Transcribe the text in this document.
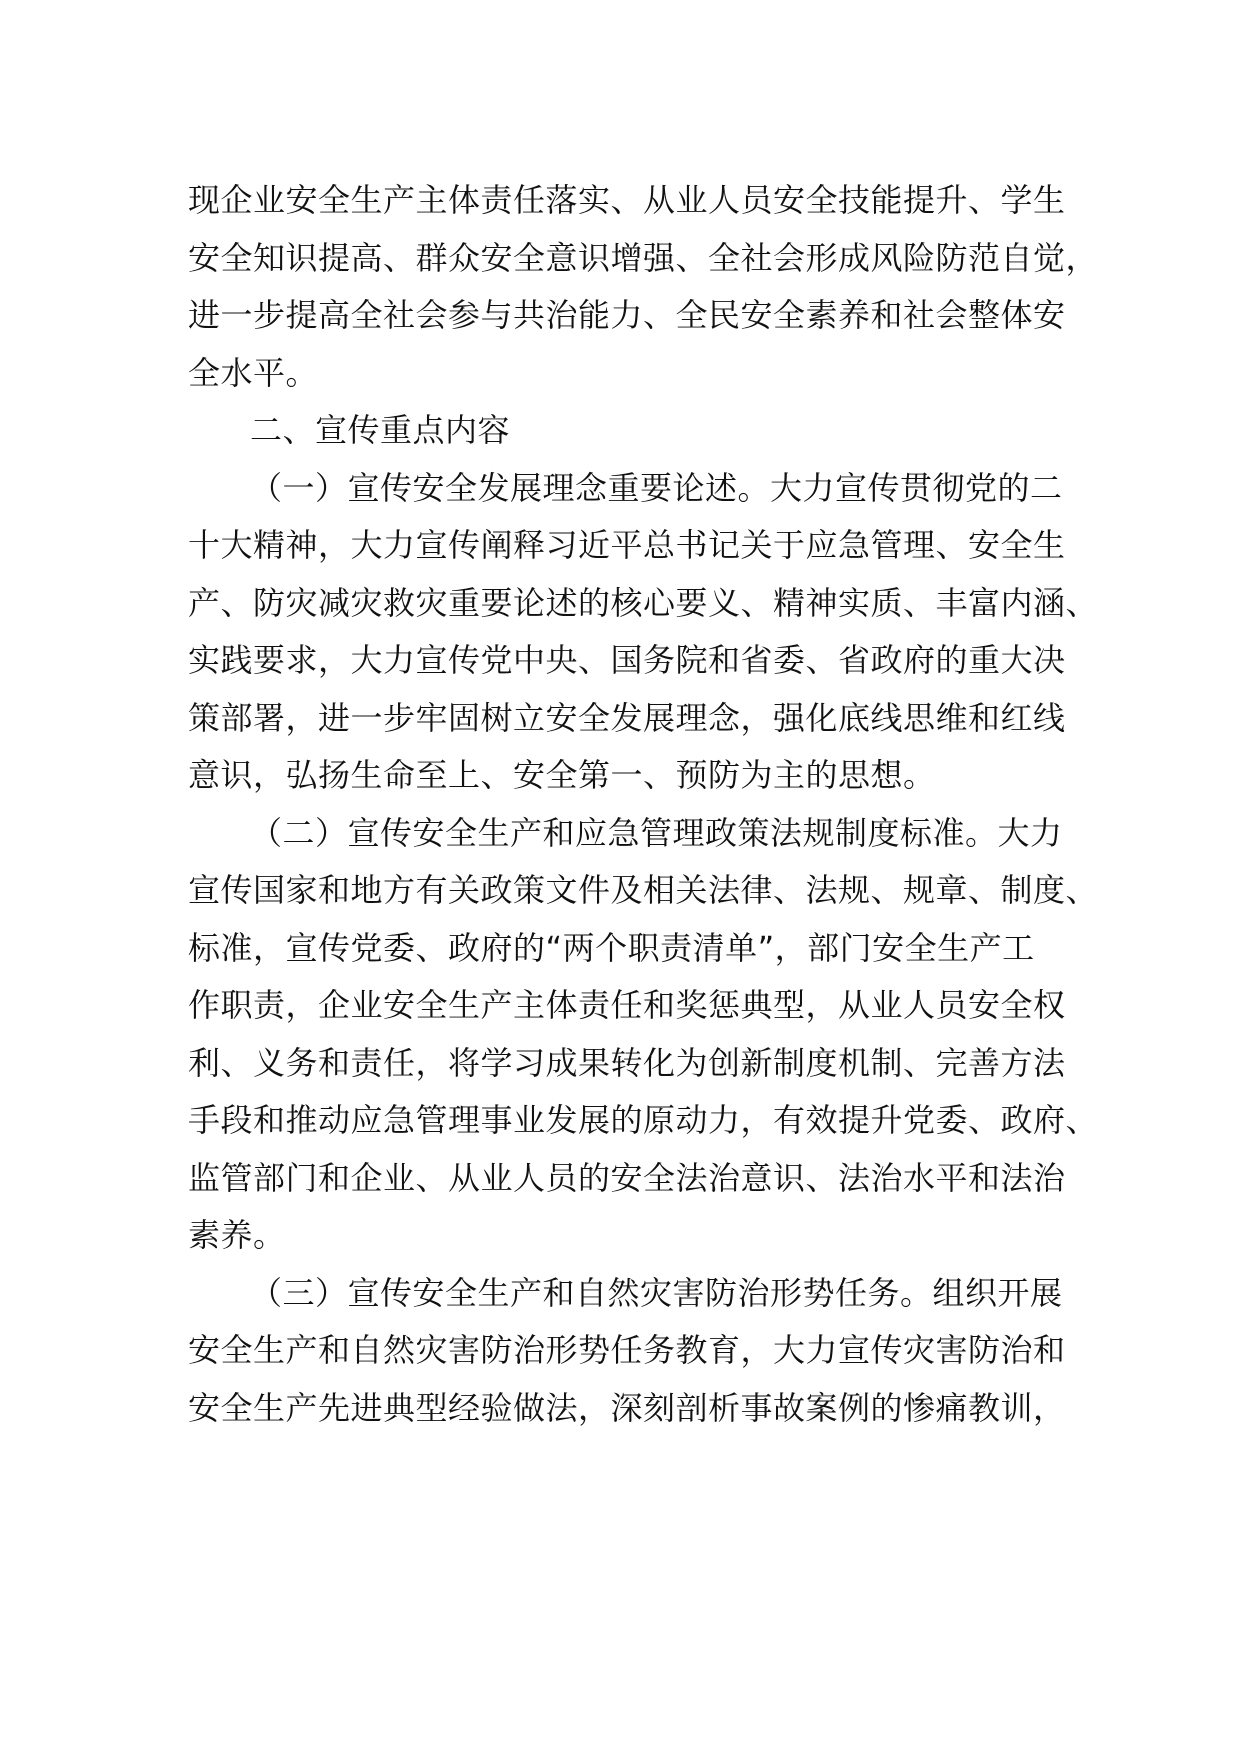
现企业安全生产主体责任落实、从业人员安全技能提升、学生
安全知识提高、群众安全意识增强、全社会形成风险防范自觉，
进一步提高全社会参与共治能力、全民安全素养和社会整体安
全水平。
二、宣传重点内容
（一）宣传安全发展理念重要论述。大力宣传贯彻党的二
十大精神，大力宣传阐释习近平总书记关于应急管理、安全生
产、防灾减灾救灾重要论述的核心要义、精神实质、丰富内涵、
实践要求，大力宣传党中央、国务院和省委、省政府的重大决
策部署，进一步牢固树立安全发展理念，强化底线思维和红线
意识，弘扬生命至上、安全第一、预防为主的思想。
（二）宣传安全生产和应急管理政策法规制度标准。大力
宣传国家和地方有关政策文件及相关法律、法规、规章、制度、
标准，宣传党委、政府的“两个职责清单”，部门安全生产工
作职责，企业安全生产主体责任和奖惩典型，从业人员安全权
利、义务和责任，将学习成果转化为创新制度机制、完善方法
手段和推动应急管理事业发展的原动力，有效提升党委、政府、
监管部门和企业、从业人员的安全法治意识、法治水平和法治
素养。
（三）宣传安全生产和自然灾害防治形势任务。组织开展
安全生产和自然灾害防治形势任务教育，大力宣传灾害防治和
安全生产先进典型经验做法，深刻剖析事故案例的惨痛教训，
